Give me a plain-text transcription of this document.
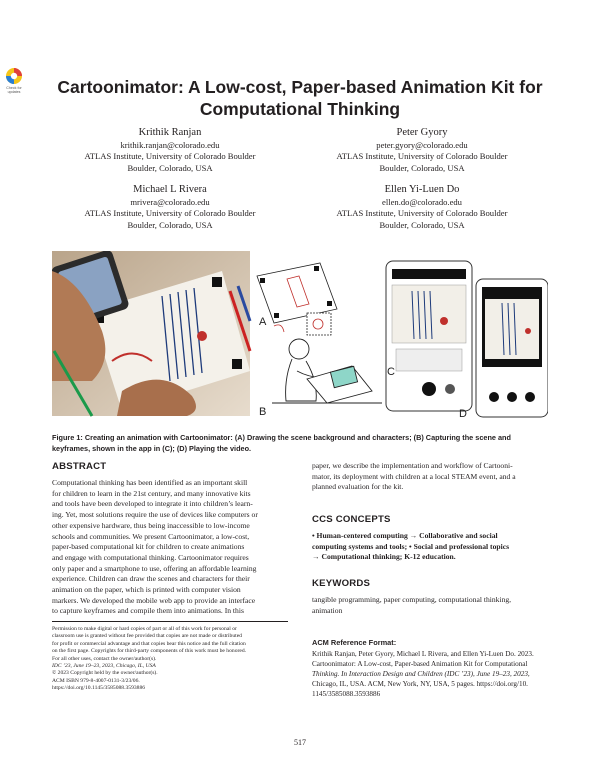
Check for updates	Cartoonimator: A Low-cost, Paper-based Animation Kit for
Computational Thinking
Krithik Ranjan
krithik.ranjan@colorado.edu
ATLAS Institute, University of Colorado Boulder
Boulder, Colorado, USA
Peter Gyory
peter.gyory@colorado.edu
ATLAS Institute, University of Colorado Boulder
Boulder, Colorado, USA
Michael L Rivera
mrivera@colorado.edu
ATLAS Institute, University of Colorado Boulder
Boulder, Colorado, USA
Ellen Yi-Luen Do
ellen.do@colorado.edu
ATLAS Institute, University of Colorado Boulder
Boulder, Colorado, USA
A
B
C
D
Figure 1: Creating an animation with Cartoonimator: (A) Drawing the scene background and characters; (B) Capturing the scene and keyframes, shown in the app in (C); (D) Playing the video.
ABSTRACT
Computational thinking has been identified as an important skill
for children to learn in the 21st century, and many innovative kits
and tools have been developed to integrate it into children’s learn-
ing. Yet, most solutions require the use of devices like computers or
other expensive hardware, thus being inaccessible to low-income
schools and communities. We present Cartoonimator, a low-cost,
paper-based computational kit for children to create animations
and engage with computational thinking. Cartoonimator requires
only paper and a smartphone to use, offering an affordable learning
experience. Children can draw the scenes and characters for their
animation on the paper, which is printed with computer vision
markers. We developed the mobile web app to provide an interface
to capture keyframes and compile them into animations. In this
Permission to make digital or hard copies of part or all of this work for personal or
classroom use is granted without fee provided that copies are not made or distributed
for profit or commercial advantage and that copies bear this notice and the full citation
on the first page. Copyrights for third-party components of this work must be honored.
For all other uses, contact the owner/author(s).
IDC ’23, June 19–23, 2023, Chicago, IL, USA
© 2023 Copyright held by the owner/author(s).
ACM ISBN 979-8-4007-0131-3/23/06.
https://doi.org/10.1145/3585088.3593886
paper, we describe the implementation and workflow of Cartooni-
mator, its deployment with children at a local STEAM event, and a
planned evaluation for the kit.
CCS CONCEPTS
• Human-centered computing → Collaborative and social
computing systems and tools; • Social and professional topics
→ Computational thinking; K-12 education.
KEYWORDS
tangible programming, paper computing, computational thinking,
animation
ACM Reference Format:
Krithik Ranjan, Peter Gyory, Michael L Rivera, and Ellen Yi-Luen Do. 2023.
Cartoonimator: A Low-cost, Paper-based Animation Kit for Computational
Thinking. In Interaction Design and Children (IDC ’23), June 19–23, 2023,
Chicago, IL, USA. ACM, New York, NY, USA, 5 pages. https://doi.org/10.
1145/3585088.3593886
517
